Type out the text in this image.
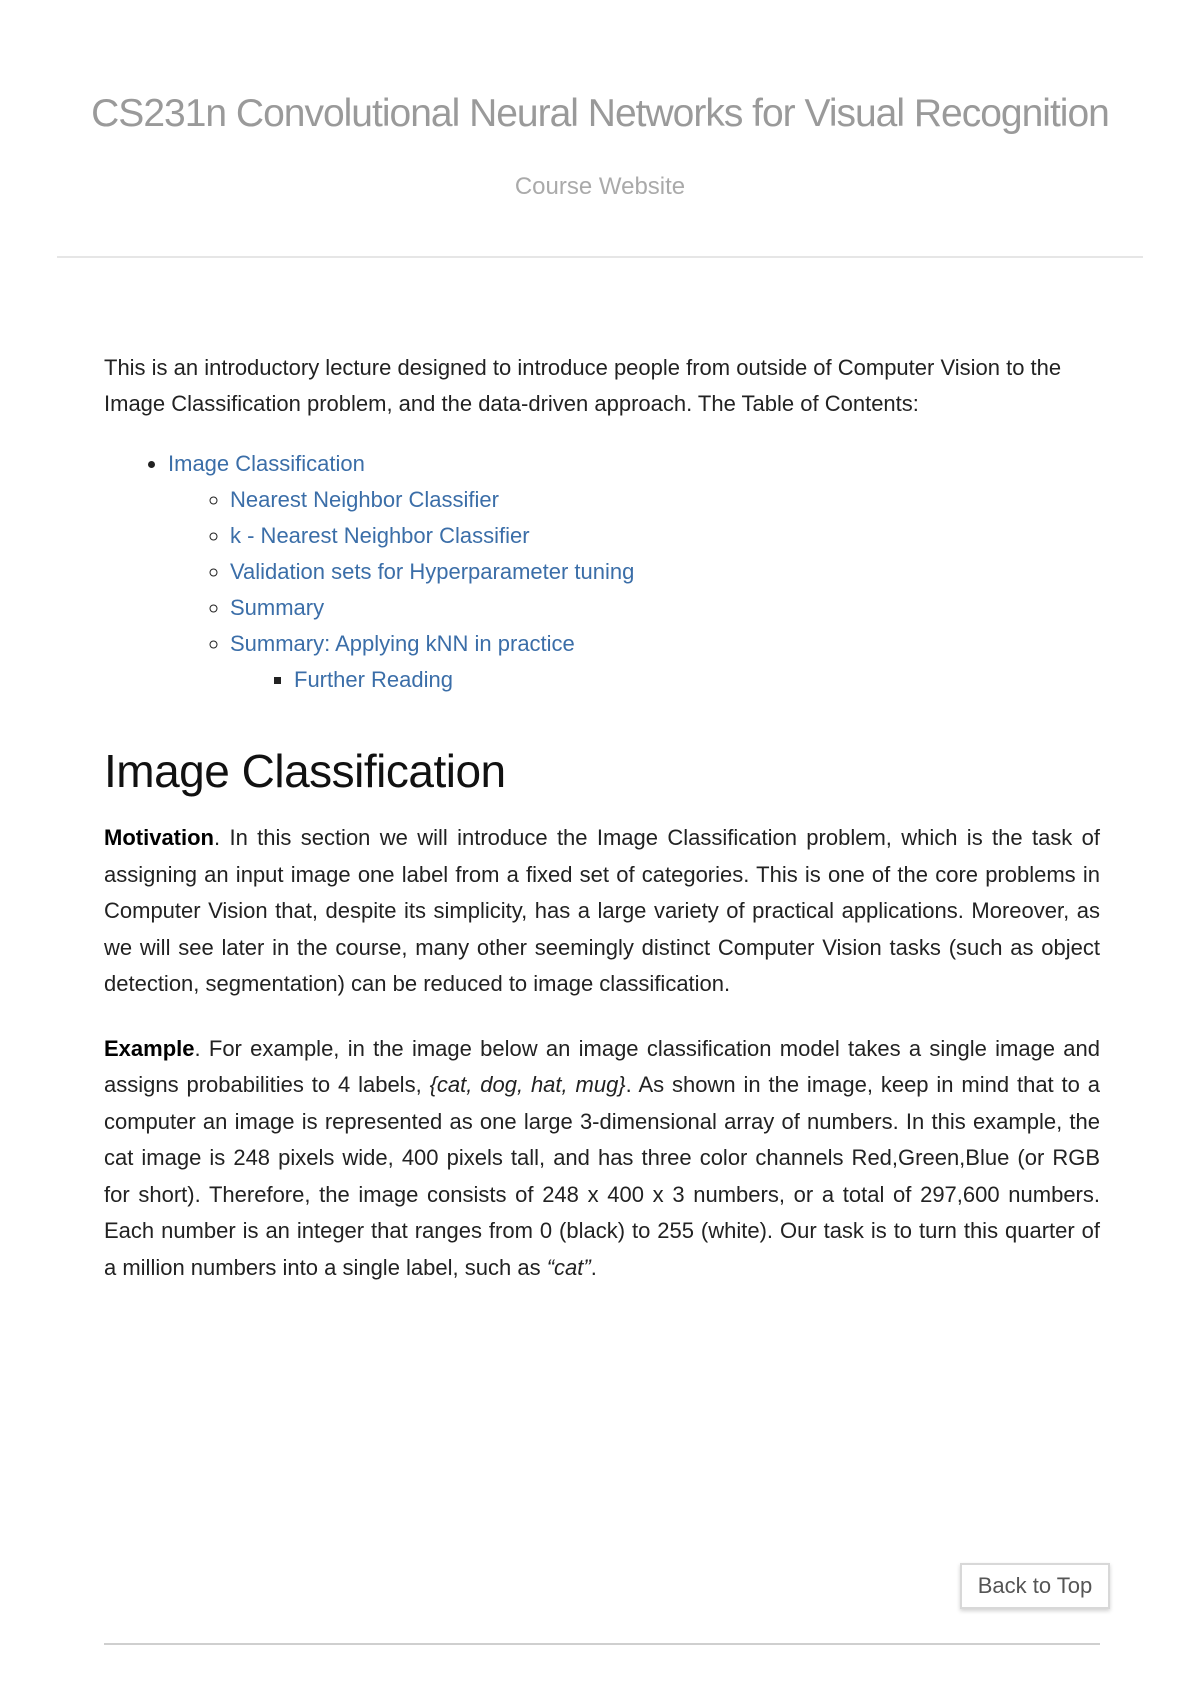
CS231n Convolutional Neural Networks for Visual Recognition
Course Website

This is an introductory lecture designed to introduce people from outside of Computer Vision to the Image Classification problem, and the data-driven approach. The Table of Contents:

• Image Classification
◦ Nearest Neighbor Classifier
◦ k - Nearest Neighbor Classifier
◦ Validation sets for Hyperparameter tuning
◦ Summary
◦ Summary: Applying kNN in practice
▪ Further Reading
Image Classification

Motivation. In this section we will introduce the Image Classification problem, which is the task of assigning an input image one label from a fixed set of categories. This is one of the core problems in Computer Vision that, despite its simplicity, has a large variety of practical applications. Moreover, as we will see later in the course, many other seemingly distinct Computer Vision tasks (such as object detection, segmentation) can be reduced to image classification.

Example. For example, in the image below an image classification model takes a single image and assigns probabilities to 4 labels, {cat, dog, hat, mug}. As shown in the image, keep in mind that to a computer an image is represented as one large 3-dimensional array of numbers. In this example, the cat image is 248 pixels wide, 400 pixels tall, and has three color channels Red,Green,Blue (or RGB for short). Therefore, the image consists of 248 x 400 x 3 numbers, or a total of 297,600 numbers. Each number is an integer that ranges from 0 (black) to 255 (white). Our task is to turn this quarter of a million numbers into a single label, such as “cat”.

Back to Top
